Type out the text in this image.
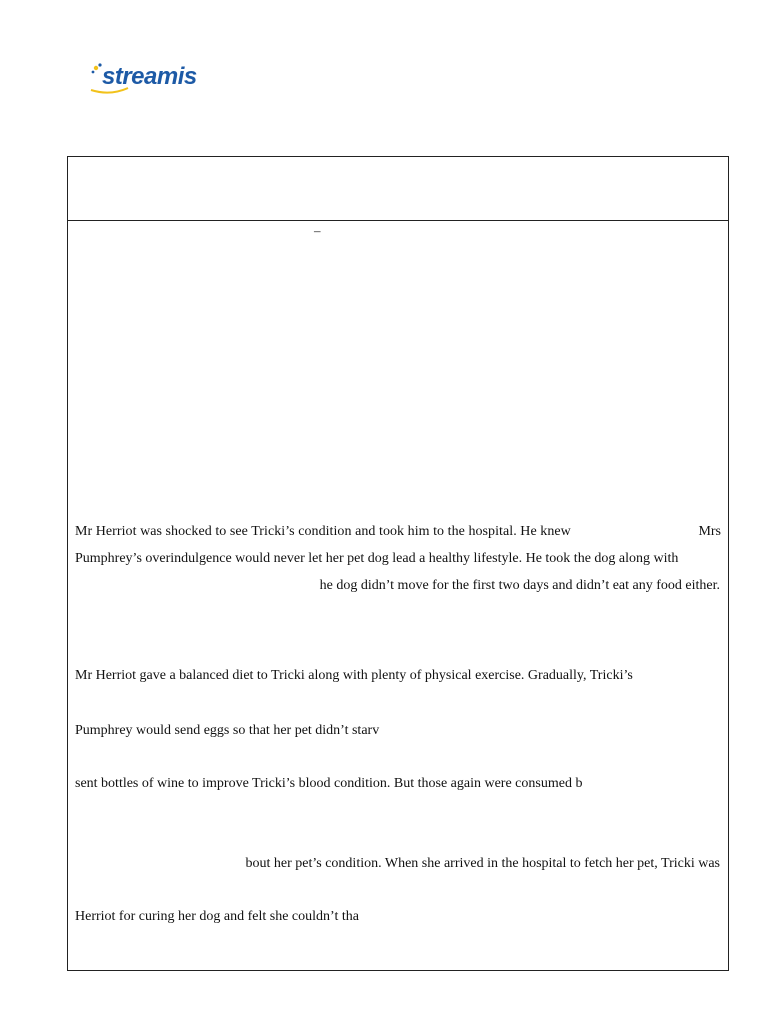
streamis
–
Mr Herriot was shocked to see Tricki’s condition and took him to the hospital. He knew	Mrs
Pumphrey’s overindulgence would never let her pet dog lead a healthy lifestyle. He took the dog along with
he dog didn’t move for the first two days and didn’t eat any food either.
Mr Herriot gave a balanced diet to Tricki along with plenty of physical exercise. Gradually, Tricki’s
Pumphrey would send eggs so that her pet didn’t starv
sent bottles of wine to improve Tricki’s blood condition. But those again were consumed b
bout her pet’s condition. When she arrived in the hospital to fetch her pet, Tricki was
Herriot for curing her dog and felt she couldn’t tha
